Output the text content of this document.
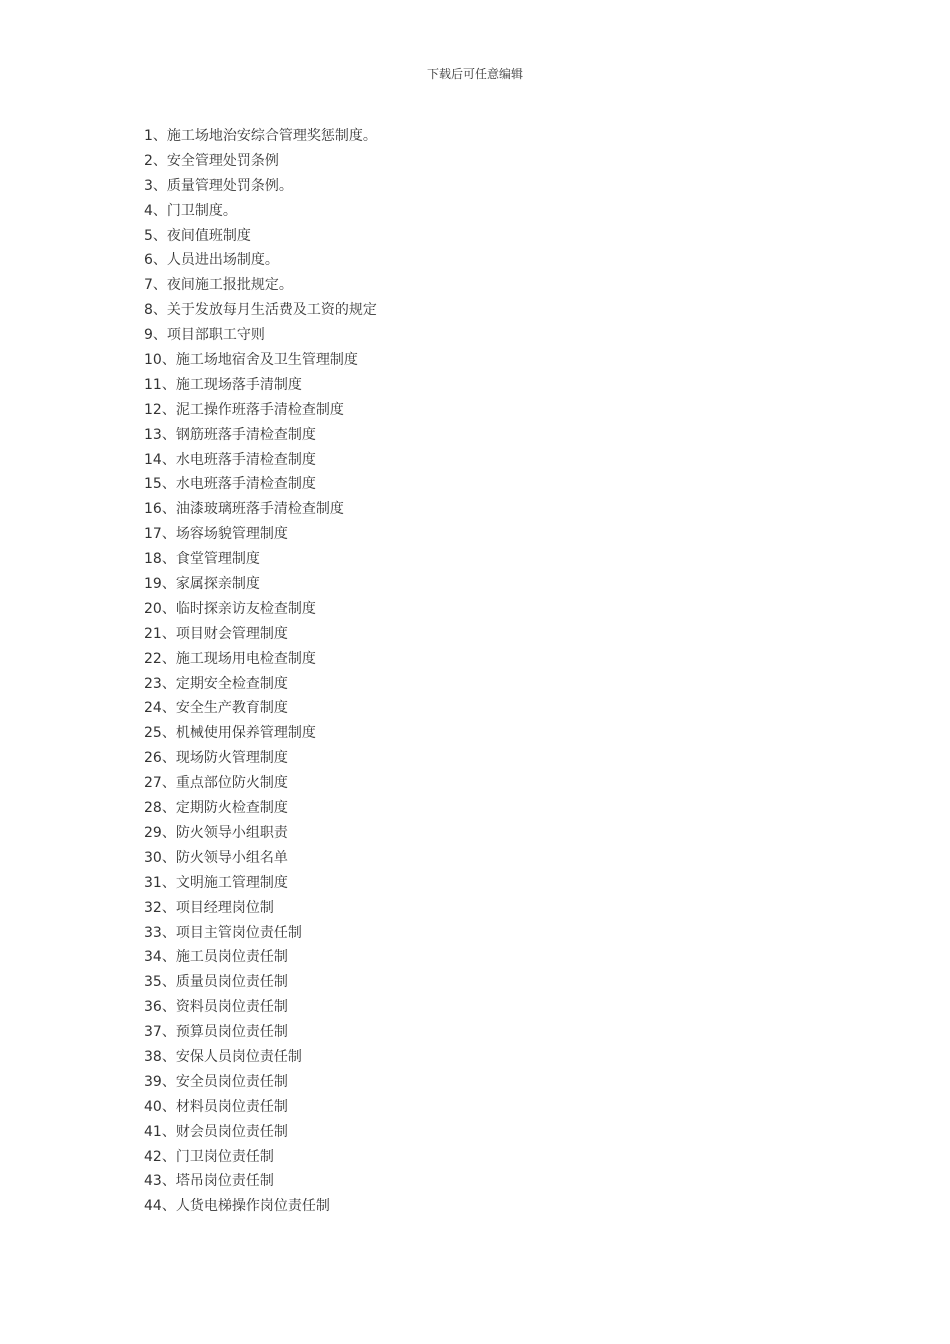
下载后可任意编辑
1、施工场地治安综合管理奖惩制度。
2、安全管理处罚条例
3、质量管理处罚条例。
4、门卫制度。
5、夜间值班制度
6、人员进出场制度。
7、夜间施工报批规定。
8、关于发放每月生活费及工资的规定
9、项目部职工守则
10、施工场地宿舍及卫生管理制度
11、施工现场落手清制度
12、泥工操作班落手清检查制度
13、钢筋班落手清检查制度
14、水电班落手清检查制度
15、水电班落手清检查制度
16、油漆玻璃班落手清检查制度
17、场容场貌管理制度
18、食堂管理制度
19、家属探亲制度
20、临时探亲访友检查制度
21、项目财会管理制度
22、施工现场用电检查制度
23、定期安全检查制度
24、安全生产教育制度
25、机械使用保养管理制度
26、现场防火管理制度
27、重点部位防火制度
28、定期防火检查制度
29、防火领导小组职责
30、防火领导小组名单
31、文明施工管理制度
32、项目经理岗位制
33、项目主管岗位责任制
34、施工员岗位责任制
35、质量员岗位责任制
36、资料员岗位责任制
37、预算员岗位责任制
38、安保人员岗位责任制
39、安全员岗位责任制
40、材料员岗位责任制
41、财会员岗位责任制
42、门卫岗位责任制
43、塔吊岗位责任制
44、人货电梯操作岗位责任制
